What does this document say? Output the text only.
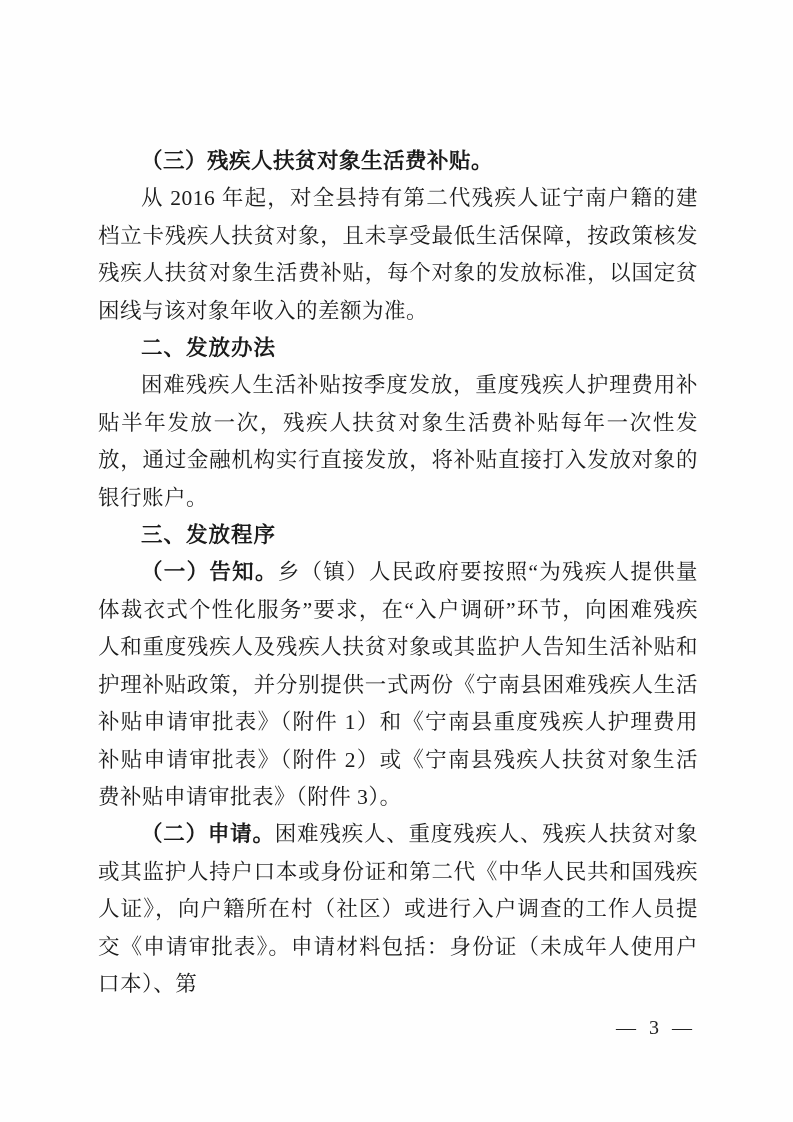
（三）残疾人扶贫对象生活费补贴。

从 2016 年起，对全县持有第二代残疾人证宁南户籍的建档立卡残疾人扶贫对象，且未享受最低生活保障，按政策核发残疾人扶贫对象生活费补贴，每个对象的发放标准，以国定贫困线与该对象年收入的差额为准。

二、发放办法

困难残疾人生活补贴按季度发放，重度残疾人护理费用补贴半年发放一次，残疾人扶贫对象生活费补贴每年一次性发放，通过金融机构实行直接发放，将补贴直接打入发放对象的银行账户。

三、发放程序

（一）告知。乡（镇）人民政府要按照“为残疾人提供量体裁衣式个性化服务”要求，在“入户调研”环节，向困难残疾人和重度残疾人及残疾人扶贫对象或其监护人告知生活补贴和护理补贴政策，并分别提供一式两份《宁南县困难残疾人生活补贴申请审批表》（附件 1）和《宁南县重度残疾人护理费用补贴申请审批表》（附件 2）或《宁南县残疾人扶贫对象生活费补贴申请审批表》（附件 3）。

（二）申请。困难残疾人、重度残疾人、残疾人扶贫对象或其监护人持户口本或身份证和第二代《中华人民共和国残疾人证》，向户籍所在村（社区）或进行入户调查的工作人员提交《申请审批表》。申请材料包括：身份证（未成年人使用户口本）、第

— 3 —
